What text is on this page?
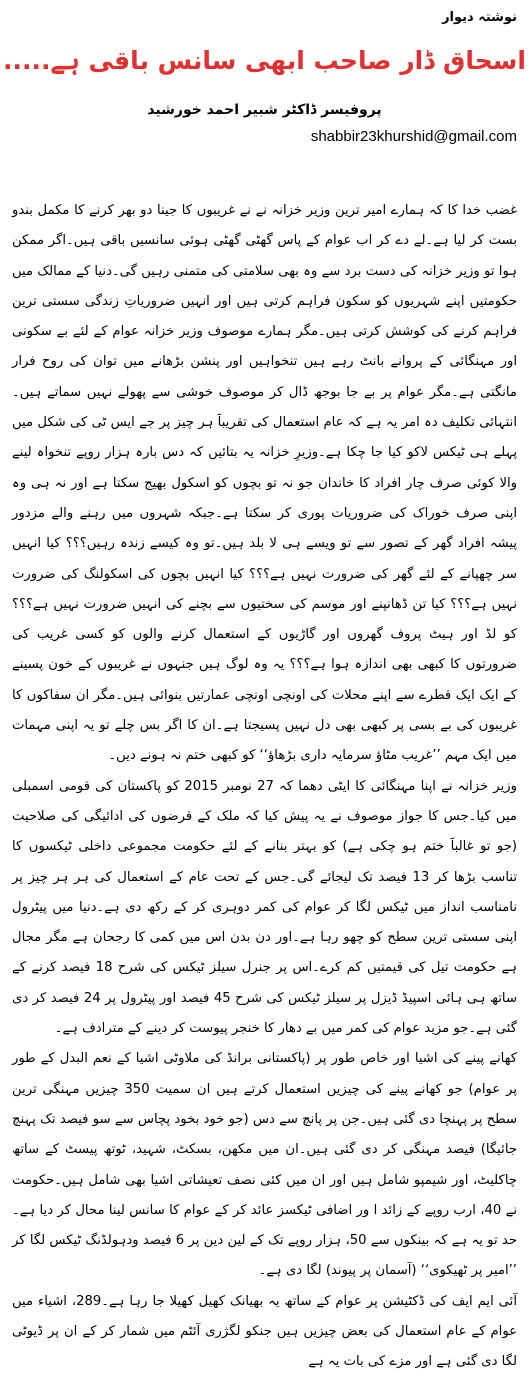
نوشتہ دیوار
اسحاق ڈار صاحب ابھی سانس باقی ہے.....
پروفیسر ڈاکٹر شبیر احمد خورشید
shabbir23khurshid@gmail.com

غضب خدا کا کہ ہمارے امیر ترین وزیر خزانہ نے نے غریبوں کا جینا دو بھر کرنے کا مکمل بندو بست کر لیا ہے۔لے دے کر اب عوام کے پاس گھٹی گھٹی ہوئی سانسیں باقی ہیں۔اگر ممکن ہوا تو وزیر خزانہ کی دست برد سے وہ بھی سلامتی کی متمنی رہیں گی۔دنیا کے ممالک میں حکومتیں اپنے شہریوں کو سکون فراہم کرتی ہیں اور انہیں ضروریاتِ زندگی سستی ترین فراہم کرنے کی کوشش کرتی ہیں۔مگر ہمارے موصوف وزیر خزانہ عوام کے لئے بے سکونی اور مہنگائی کے پروانے بانٹ رہے ہیں تنخواہیں اور پنشن بڑھانے میں توان کی روح فرار مانگتی ہے۔مگر عوام پر بے جا بوجھ ڈال کر موصوف خوشی سے پھولے نہیں سماتے ہیں۔انتہائی تکلیف دہ امر یہ ہے کہ عام استعمال کی تقریباََ ہر چیز پر جے ایس ٹی کی شکل میں پہلے ہی ٹیکس لاکو کیا جا چکا ہے۔وزیرِ خزانہ یہ بتائیں کہ دس بارہ ہزار روپے تنخواہ لینے والا کوئی صرف چار افراد کا خاندان جو نہ تو بچوں کو اسکول بھیج سکتا ہے اور نہ ہی وہ اپنی صرف خوراک کی ضروریات پوری کر سکتا ہے۔جبکہ شہروں میں رہنے والے مزدور پیشہ افراد گھر کے تصور سے تو ویسے ہی لا بلد ہیں۔تو وہ کیسے زندہ رہیں؟؟؟ کیا انہیں سر چھپانے کے لئے گھر کی ضرورت نہیں ہے؟؟؟ کیا انہیں بچوں کی اسکولنگ کی ضرورت نہیں ہے؟؟؟ کیا تن ڈھانپنے اور موسم کی سختیوں سے بچنے کی انہیں ضرورت نہیں ہے؟؟؟ کو لڈ اور ہیٹ پروف گھروں اور گاڑیوں کے استعمال کرنے والوں کو کسی غریب کی ضرورتوں کا کبھی بھی اندازہ ہوا ہے؟؟؟ یہ وہ لوگ ہیں جنہوں نے غریبوں کے خون پسینے کے ایک ایک قطرے سے اپنے محلات کی اونچی اونچی عمارتیں بنوائی ہیں۔مگر ان سفاکوں کا غریبوں کی بے بسی پر کبھی بھی دل نہیں پسیجتا ہے۔ان کا اگر بس چلے تو یہ اپنی مہمات میں ایک مہم ’’غریب مٹاؤ سرمایہ داری بڑھاؤ‘‘ کو کبھی ختم نہ ہونے دیں۔

وزیر خزانہ نے اپنا مہنگائی کا ایٹی دھما کہ 27 نومبر 2015 کو پاکستان کی قومی اسمبلی میں کیا۔جس کا جواز موصوف نے یہ پیش کیا کہ ملک کے قرضوں کی ادائیگی کی صلاحیت (جو تو غالباََ ختم ہو چکی ہے) کو بہتر بنانے کے لئے حکومت مجموعی داخلی ٹیکسوں کا تناسب بڑھا کر 13 فیصد تک لیجائے گی۔جس کے تحت عام کے استعمال کی ہر ہر چیز پر نامناسب انداز میں ٹیکس لگا کر عوام کی کمر دوہری کر کے رکھ دی ہے۔دنیا میں پیٹرول اپنی سستی ترین سطح کو چھو رہا ہے۔اور دن بدن اس میں کمی کا رجحان ہے مگر مجال ہے حکومت تیل کی قیمتیں کم کرے۔اس پر جنرل سیلز ٹیکس کی شرح 18 فیصد کرنے کے ساتھ ہی ہائی اسپیڈ ڈیزل پر سیلز ٹیکس کی شرح 45 فیصد اور پیٹرول پر 24 فیصد کر دی گئی ہے۔جو مزید عوام کی کمر میں بے دھار کا خنجر پیوست کر دینے کے مترادف ہے۔

کھانے پینے کی اشیا اور خاص طور پر (پاکستانی برانڈ کی ملاوٹی اشیا کے نعم البدل کے طور پر عوام) جو کھانے پینے کی چیزیں استعمال کرتے ہیں ان سمیت 350 چیزیں مہنگی ترین سطح پر پہنچا دی گئی ہیں۔جن پر پانچ سے دس (جو خود بخود پچاس سے سو فیصد تک پہنچ جائیگا) فیصد مہنگی کر دی گئی ہیں۔ان میں مکھن، بسکٹ، شہید، ٹوتھ پیسٹ کے ساتھ چاکلیٹ، اور شیمپو شامل ہیں اور ان میں کئی نصف تعیشاتی اشیا بھی شامل ہیں۔حکومت نے 40، ارب روپے کے زائد ا ور اضافی ٹیکسز عائد کر کے عوام کا سانس لینا محال کر دیا ہے۔حد تو یہ ہے کہ بینکوں سے 50، ہزار روپے تک کے لین دین پر 6 فیصد ودہولڈنگ ٹیکس لگا کر ’’امیر پر ٹھیکوی‘‘ (آسمان پر پیوند) لگا دی ہے۔

آئی ایم ایف کی ڈکٹیشن پر عوام کے ساتھ یہ بھیانک کھیل کھیلا جا رہا ہے۔289، اشیاء میں عوام کے عام استعمال کی بعض چیزیں ہیں جنکو لگژری آئٹم میں شمار کر کے ان پر ڈیوٹی لگا دی گئی ہے اور مزے کی بات یہ ہے
